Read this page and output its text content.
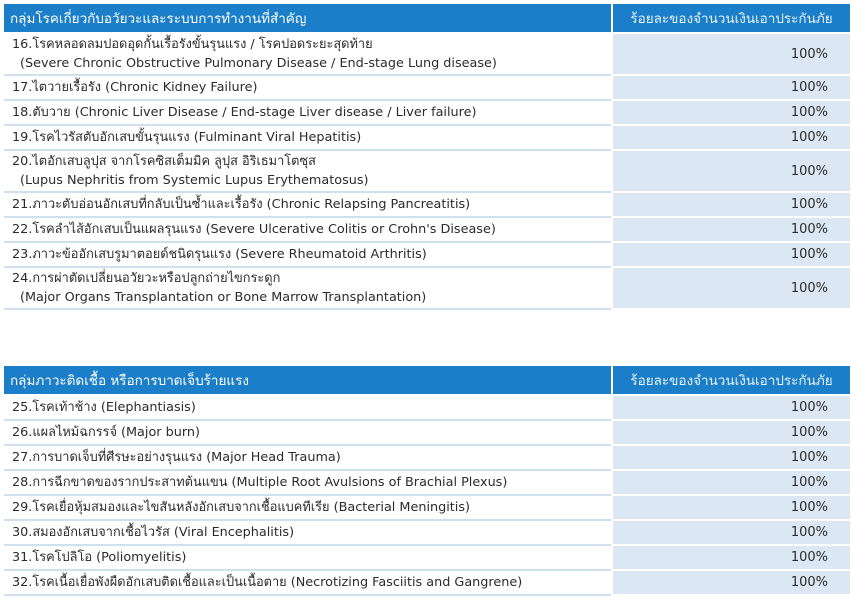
กลุ่มโรคเกี่ยวกับอวัยวะและระบบการทำงานที่สำคัญ	ร้อยละของจำนวนเงินเอาประกันภัย
16.โรคหลอดลมปอดอุดกั้นเรื้อรังขั้นรุนแรง / โรคปอดระยะสุดท้าย
(Severe Chronic Obstructive Pulmonary Disease / End-stage Lung disease)	100%
17.ไตวายเรื้อรัง (Chronic Kidney Failure)	100%
18.ตับวาย (Chronic Liver Disease / End-stage Liver disease / Liver failure)	100%
19.โรคไวรัสตับอักเสบขั้นรุนแรง (Fulminant Viral Hepatitis)	100%
20.ไตอักเสบลูปุส จากโรคซิสเต็มมิค ลูปุส อิริเธมาโตซุส
(Lupus Nephritis from Systemic Lupus Erythematosus)	100%
21.ภาวะตับอ่อนอักเสบที่กลับเป็นซ้ำและเรื้อรัง (Chronic Relapsing Pancreatitis)	100%
22.โรคลำไส้อักเสบเป็นแผลรุนแรง (Severe Ulcerative Colitis or Crohn's Disease)	100%
23.ภาวะข้ออักเสบรูมาตอยด์ชนิดรุนแรง (Severe Rheumatoid Arthritis)	100%
24.การผ่าตัดเปลี่ยนอวัยวะหรือปลูกถ่ายไขกระดูก
(Major Organs Transplantation or Bone Marrow Transplantation)	100%
กลุ่มภาวะติดเชื้อ หรือการบาดเจ็บร้ายแรง	ร้อยละของจำนวนเงินเอาประกันภัย
25.โรคเท้าช้าง (Elephantiasis)	100%
26.แผลไหม้ฉกรรจ์ (Major burn)	100%
27.การบาดเจ็บที่ศีรษะอย่างรุนแรง (Major Head Trauma)	100%
28.การฉีกขาดของรากประสาทต้นแขน (Multiple Root Avulsions of Brachial Plexus)	100%
29.โรคเยื่อหุ้มสมองและไขสันหลังอักเสบจากเชื้อแบคทีเรีย (Bacterial Meningitis)	100%
30.สมองอักเสบจากเชื้อไวรัส (Viral Encephalitis)	100%
31.โรคโปลิโอ (Poliomyelitis)	100%
32.โรคเนื้อเยื่อพังผืดอักเสบติดเชื้อและเป็นเนื้อตาย (Necrotizing Fasciitis and Gangrene)	100%
